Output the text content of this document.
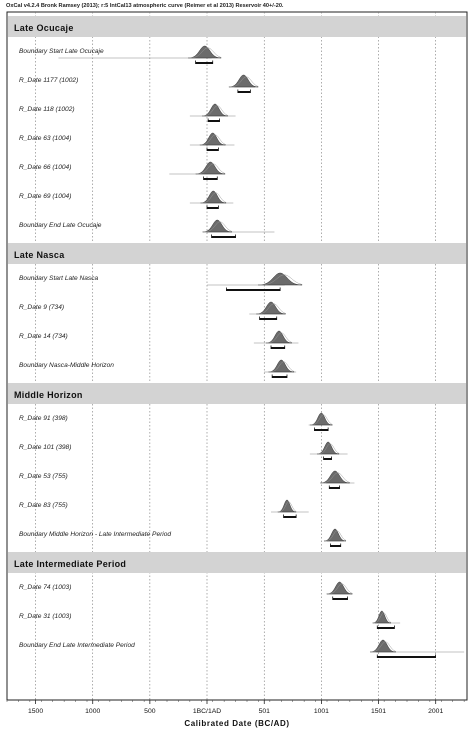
OxCal v4.2.4 Bronk Ramsey (2013); r:5 IntCal13 atmospheric curve (Reimer et al 2013) Reservoir 40+/-20.
Late Ocucaje
Boundary Start Late Ocucaje
R_Date 1177 (1002)
R_Date 118 (1002)
R_Date 63 (1004)
R_Date 66 (1004)
R_Date 69 (1004)
Boundary End Late Ocucaje
Late Nasca
Boundary Start Late Nasca
R_Date 9 (734)
R_Date 14 (734)
Boundary Nasca-Middle Horizon
Middle Horizon
R_Date 91 (398)
R_Date 101 (398)
R_Date 53 (755)
R_Date 83 (755)
Boundary Middle Horizon - Late Intermediate Period
Late Intermediate Period
R_Date 74 (1003)
R_Date 31 (1003)
Boundary End Late Intermediate Period
1500	1000	500	1BC/1AD	501	1001	1501	2001
Calibrated Date (BC/AD)
